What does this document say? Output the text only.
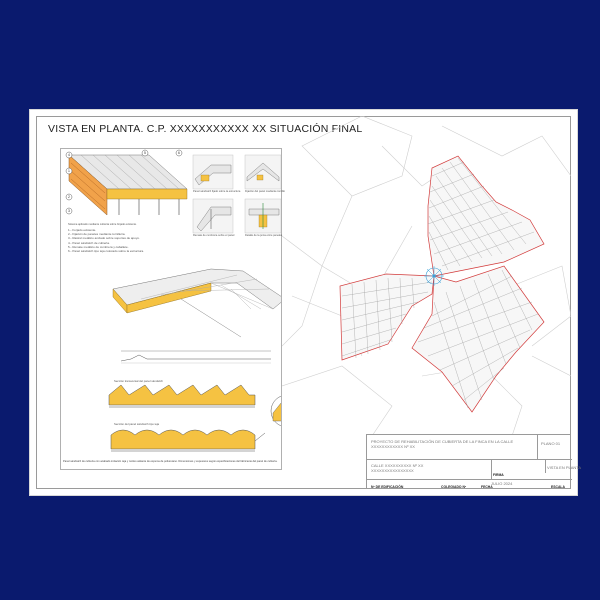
VISTA EN PLANTA. C.P. XXXXXXXXXXX XX SITUACIÓN FINAL
4
1
2
3
5	6
Sistema aplicado mediante cubierta sobre forjado existente.
1.- Forjado existente.
2.- Fijación de paneles mediante tornillería.
3.- Rastrel metálico anclado sobre soportes de apoyo.
4.- Panel sándwich de cubierta.
5.- Remate metálico de cumbrera y caballete.
6.- Panel sándwich tipo teja colocado sobre la estructura.
Panel sándwich fijado sobre la estructura Fijación del panel mediante tornillo
Remate de cumbrera sobre el panel	Detalle de la junta entre paneles
Sección transversal del panel sándwich
Sección del panel sándwich tipo teja
Panel sándwich de cubierta con acabado imitación teja y núcleo aislante de espuma de poliuretano. Dimensiones y espesores según especificaciones del fabricante del panel de cubierta.
PROYECTO DE REHABILITACIÓN DE CUBIERTA DE LA FINCA EN LA CALLE XXXXXXXXXXXX Nº XX
PLANO 01
CALLE XXXXXXXXXX Nº XX
XXXXXXXXXXXXXXXX
FIRMA
VISTA EN PLANTA
JULIO 2024
Nº DE EDIFICACIÓN	COLEGIADO Nº	FECHA	ESCALA
